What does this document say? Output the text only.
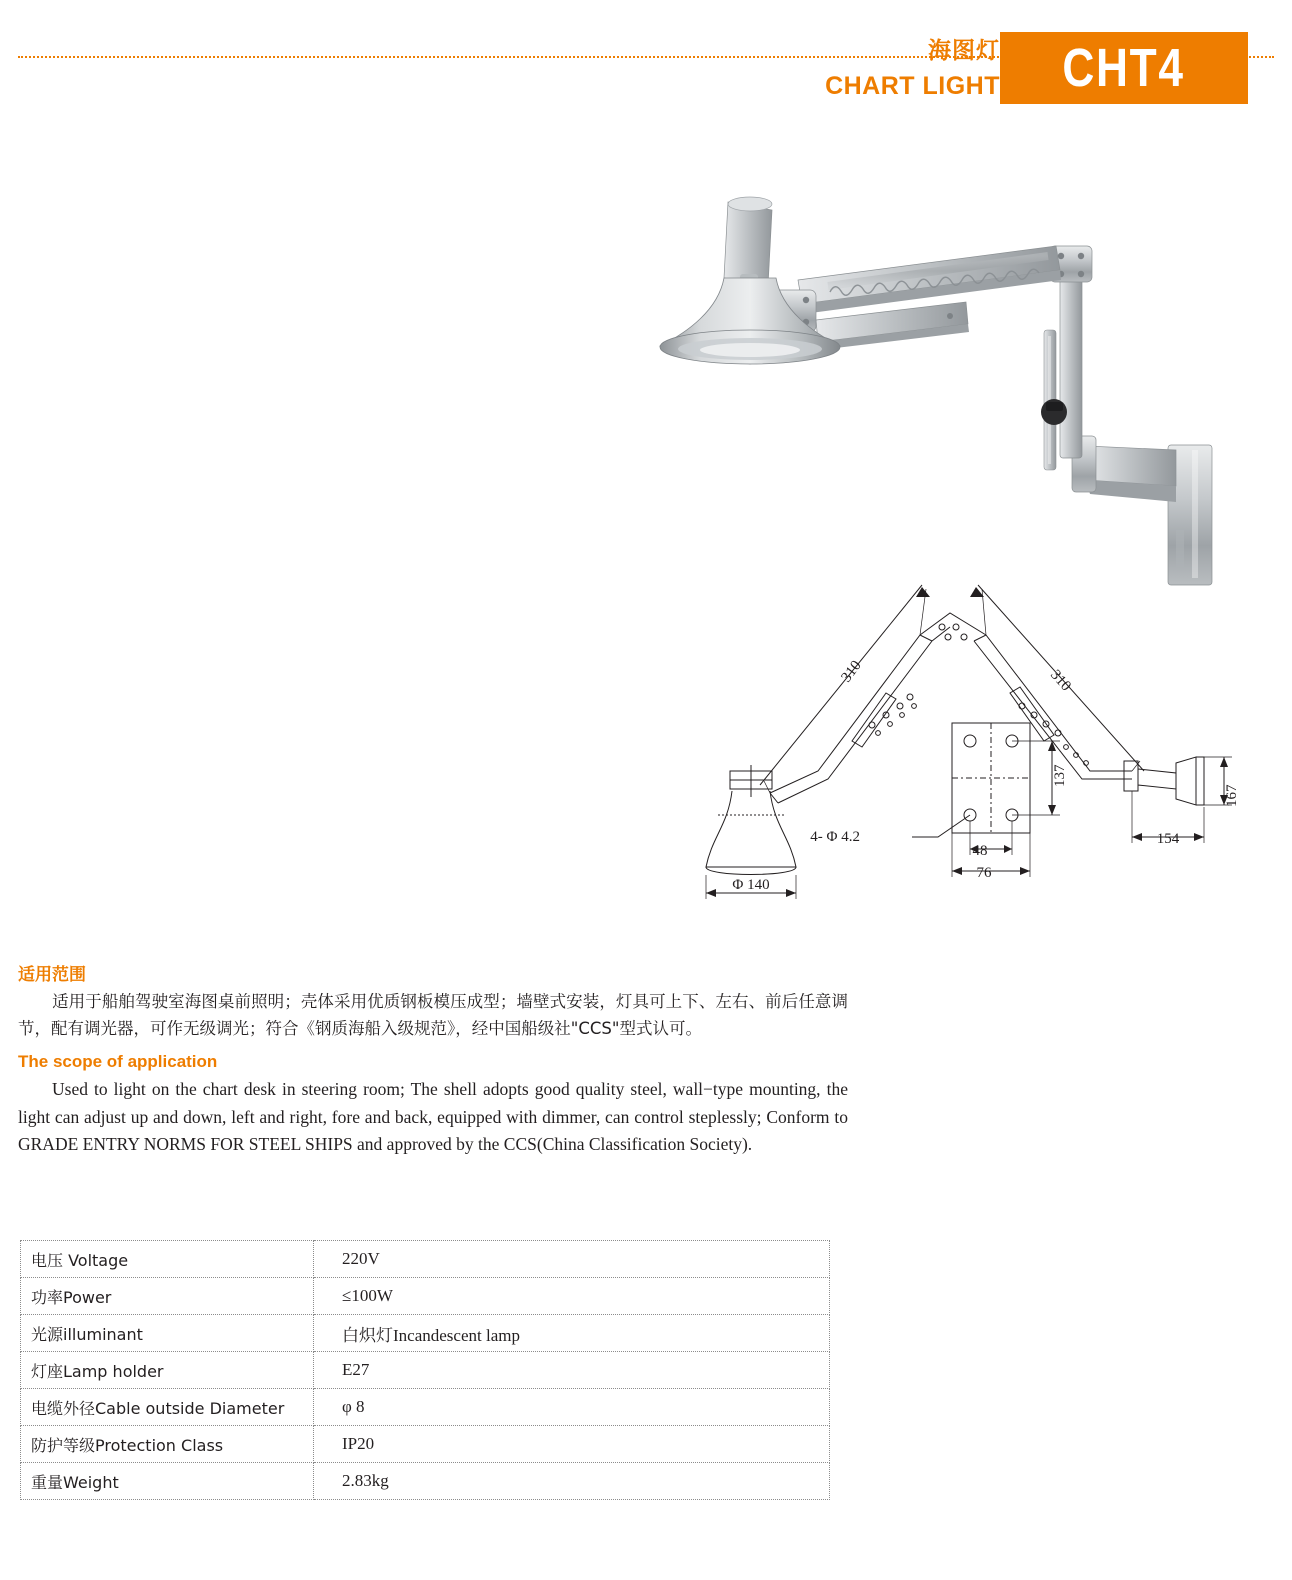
海图灯
CHART LIGHT CHT4
310	310
137
167
48
76
Φ 140
154
4- Φ 4.2
适用范围

适用于船舶驾驶室海图桌前照明；壳体采用优质钢板模压成型；墙壁式安装，灯具可上下、左右、前后任意调节，配有调光器，可作无级调光；符合《钢质海船入级规范》，经中国船级社"CCS"型式认可。

The scope of application

Used to light on the chart desk in steering room; The shell adopts good quality steel, wall−type mounting, the light can adjust up and down, left and right, fore and back, equipped with dimmer, can control steplessly; Conform to GRADE ENTRY NORMS FOR STEEL SHIPS and approved by the CCS(China Classification Society).

电压 Voltage	220V
功率Power	≤100W
光源illuminant	白炽灯Incandescent lamp
灯座Lamp holder	E27
电缆外径Cable outside Diameter	φ 8
防护等级Protection Class	IP20
重量Weight	2.83kg
